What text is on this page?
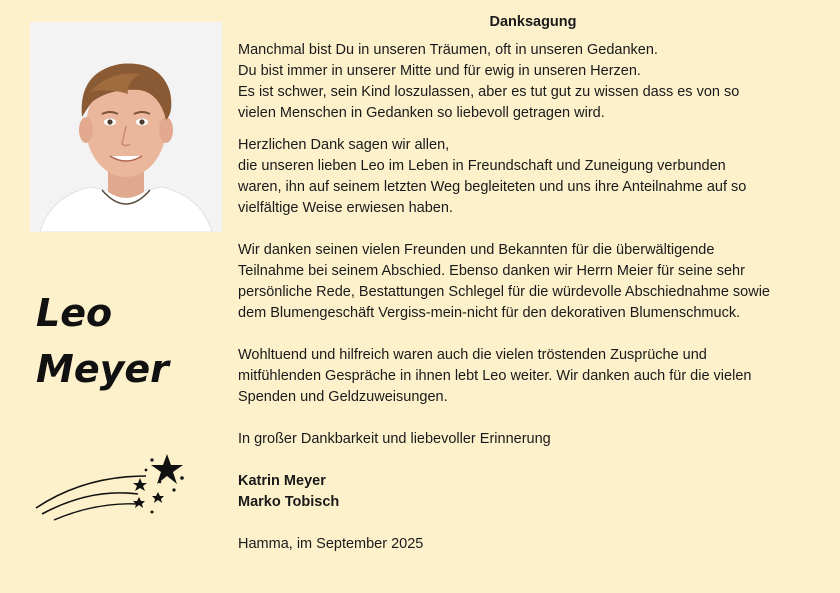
Leo
Meyer
Danksagung
Manchmal bist Du in unseren Träumen, oft in unseren Gedanken.
Du bist immer in unserer Mitte und für ewig in unseren Herzen.
Es ist schwer, sein Kind loszulassen, aber es tut gut zu wissen dass es von so
vielen Menschen in Gedanken so liebevoll getragen wird.
Herzlichen Dank sagen wir allen,
die unseren lieben Leo im Leben in Freundschaft und Zuneigung verbunden
waren, ihn auf seinem letzten Weg begleiteten und uns ihre Anteilnahme auf so
vielfältige Weise erwiesen haben.
Wir danken seinen vielen Freunden und Bekannten für die überwältigende
Teilnahme bei seinem Abschied. Ebenso danken wir Herrn Meier für seine sehr
persönliche Rede, Bestattungen Schlegel für die würdevolle Abschiednahme sowie
dem Blumengeschäft Vergiss-mein-nicht für den dekorativen Blumenschmuck.
Wohltuend und hilfreich waren auch die vielen tröstenden Zusprüche und
mitfühlenden Gespräche in ihnen lebt Leo weiter. Wir danken auch für die vielen
Spenden und Geldzuweisungen.
In großer Dankbarkeit und liebevoller Erinnerung
Katrin Meyer
Marko Tobisch
Hamma, im September 2025
